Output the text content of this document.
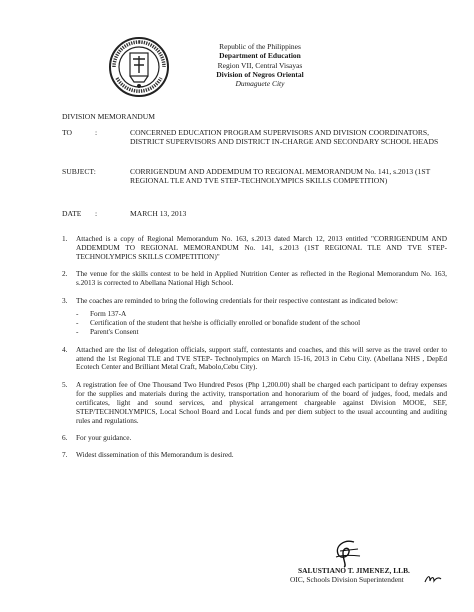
Republic of the Philippines
Department of Education
Region VII, Central Visayas
Division of Negros Oriental
Dumaguete City
DIVISION MEMORANDUM
TO	:	CONCERNED EDUCATION PROGRAM SUPERVISORS AND DIVISION COORDINATORS, DISTRICT SUPERVISORS AND DISTRICT IN-CHARGE AND SECONDARY SCHOOL HEADS
SUBJECT:	CORRIGENDUM AND ADDEMDUM TO REGIONAL MEMORANDUM No. 141, s.2013 (1ST REGIONAL TLE AND TVE STEP-TECHNOLYMPICS SKILLS COMPETITION)
DATE :	MARCH 13, 2013
1.	Attached is a copy of Regional Memorandum No. 163, s.2013 dated March 12, 2013 entitled "CORRIGENDUM AND ADDEMDUM TO REGIONAL MEMORANDUM No. 141, s.2013 (1ST REGIONAL TLE AND TVE STEP-TECHNOLYMPICS SKILLS COMPETITION)"
2.	The venue for the skills contest to be held in Applied Nutrition Center as reflected in the Regional Memorandum No. 163, s.2013 is corrected to Abellana National High School.
3.	The coaches are reminded to bring the following credentials for their respective contestant as indicated below:
-	Form 137-A
-	Certification of the student that he/she is officially enrolled or bonafide student of the school
-	Parent's Consent
4.	Attached are the list of delegation officials, support staff, contestants and coaches, and this will serve as the travel order to attend the 1st Regional TLE and TVE STEP- Technolympics on March 15-16, 2013 in Cebu City. (Abellana NHS , DepEd Ecotech Center and Brilliant Metal Craft, Mabolo,Cebu City).
5.	A registration fee of One Thousand Two Hundred Pesos (Php 1,200.00) shall be charged each participant to defray expenses for the supplies and materials during the activity, transportation and honorarium of the board of judges, food, medals and certificates, light and sound services, and physical arrangement chargeable against Division MOOE, SEF, STEP/TECHNOLYMPICS, Local School Board and Local funds and per diem subject to the usual accounting and auditing rules and regulations.
6.	For your guidance.
7.	Widest dissemination of this Memorandum is desired.
SALUSTIANO T. JIMENEZ, LLB.
OIC, Schools Division Superintendent
